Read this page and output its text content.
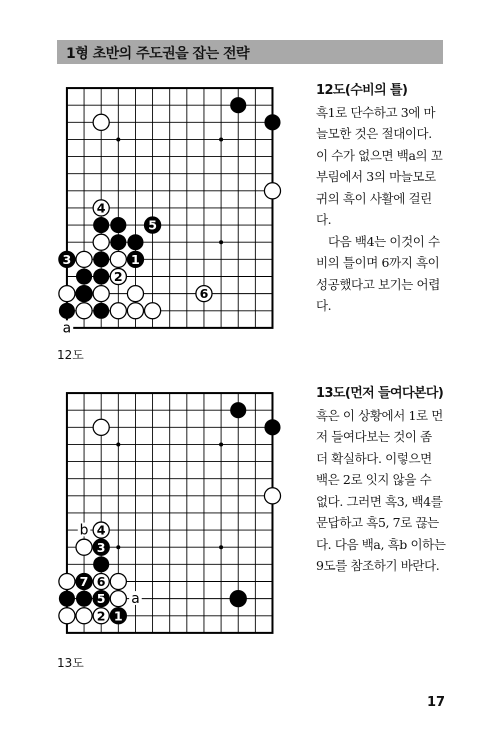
1형 초반의 주도권을 잡는 전략
4
5
3	1
2
6
a
12도
12도(수비의 틀)

흑1로 단수하고 3에 마늘모한 것은 절대이다. 이 수가 없으면 백a의 꼬부림에서 3의 마늘모로 귀의 흑이 사활에 걸린다.

다음 백4는 이것이 수비의 틀이며 6까지 흑이 성공했다고 보기는 어렵다.

4
3
7 6
5
2 1
b
a
13도
13도(먼저 들여다본다)

흑은 이 상황에서 1로 먼저 들여다보는 것이 좀 더 확실하다. 이렇으면 백은 2로 잇지 않을 수 없다. 그러면 흑3, 백4를 문답하고 흑5, 7로 끊는다. 다음 백a, 흑b 이하는 9도를 참조하기 바란다.

17
